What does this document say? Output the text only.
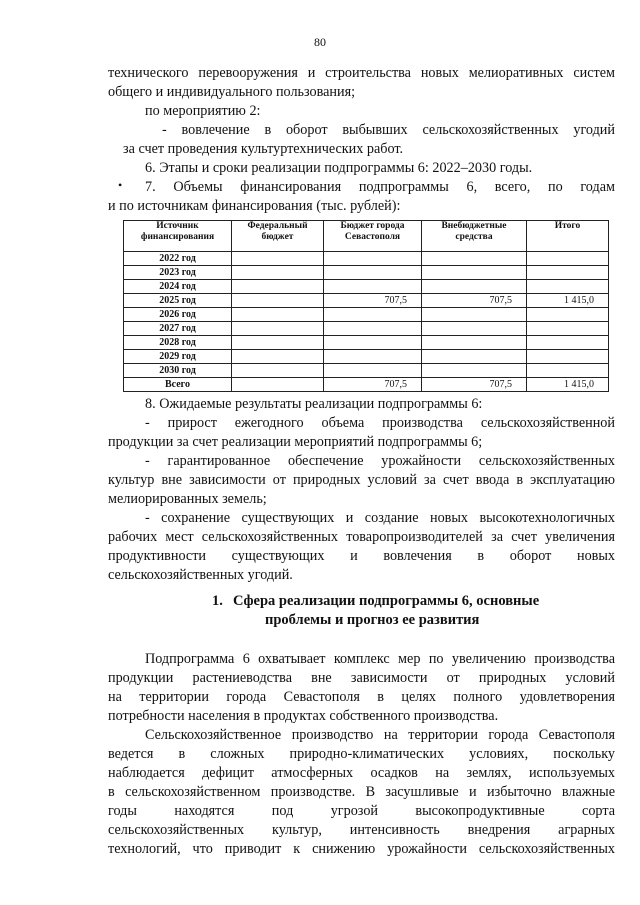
80
технического перевооружения и строительства новых мелиоративных систем
общего и индивидуального пользования;
по мероприятию 2:
- вовлечение в оборот выбывших сельскохозяйственных угодий
за счет проведения культуртехнических работ.
6. Этапы и сроки реализации подпрограммы 6: 2022–2030 годы.
• 7. Объемы финансирования подпрограммы 6, всего, по годам
и по источникам финансирования (тыс. рублей):
Источник финансирования	Федеральный бюджет	Бюджет города Севастополя	Внебюджетные средства	Итого
2022 год				
2023 год				
2024 год				
2025 год		707,5	707,5	1 415,0
2026 год				
2027 год				
2028 год				
2029 год				
2030 год				
Всего		707,5	707,5	1 415,0
8. Ожидаемые результаты реализации подпрограммы 6:
- прирост ежегодного объема производства сельскохозяйственной
продукции за счет реализации мероприятий подпрограммы 6;
- гарантированное обеспечение урожайности сельскохозяйственных
культур вне зависимости от природных условий за счет ввода в эксплуатацию
мелиорированных земель;
- сохранение существующих и создание новых высокотехнологичных
рабочих мест сельскохозяйственных товаропроизводителей за счет увеличения
продуктивности существующих и вовлечения в оборот новых
сельскохозяйственных угодий.
1. Сфера реализации подпрограммы 6, основные
проблемы и прогноз ее развития
Подпрограмма 6 охватывает комплекс мер по увеличению производства
продукции растениеводства вне зависимости от природных условий
на территории города Севастополя в целях полного удовлетворения
потребности населения в продуктах собственного производства.
Сельскохозяйственное производство на территории города Севастополя
ведется в сложных природно-климатических условиях, поскольку
наблюдается дефицит атмосферных осадков на землях, используемых
в сельскохозяйственном производстве. В засушливые и избыточно влажные
годы находятся под угрозой высокопродуктивные сорта
сельскохозяйственных культур, интенсивность внедрения аграрных
технологий, что приводит к снижению урожайности сельскохозяйственных
